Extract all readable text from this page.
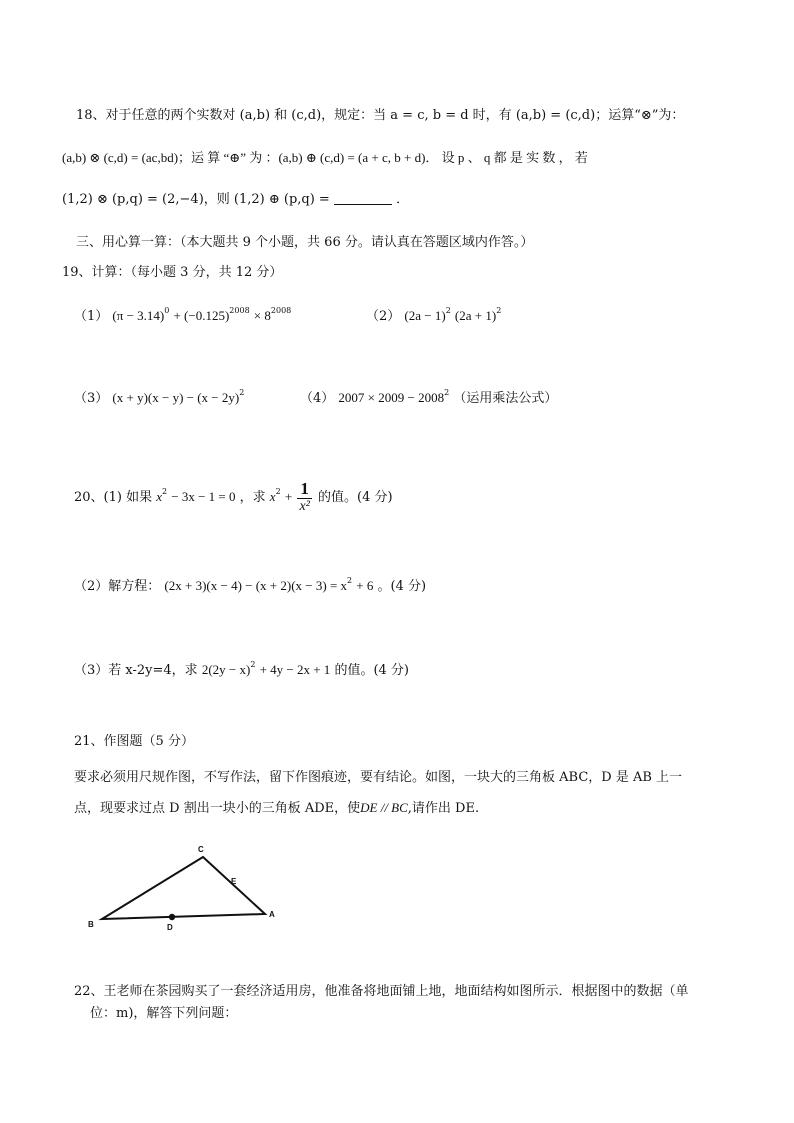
18、对于任意的两个实数对 (a,b) 和 (c,d)，规定：当 a = c, b = d 时，有 (a,b) = (c,d)；运算“⊗”为：
(a,b) ⊗ (c,d) = (ac,bd)；运 算 “⊕” 为 ：(a,b) ⊕ (c,d) = (a + c, b + d)． 设 p 、 q 都 是 实 数 ， 若
(1,2) ⊗ (p,q) = (2,−4)，则 (1,2) ⊕ (p,q) =	．
三、用心算一算：（本大题共 9 个小题，共 66 分。请认真在答题区域内作答。）
19、计算：（每小题 3 分，共 12 分）
（1） $(\pi - 3.14)^0 + (-0.125)^{2008} \times 8^{2008}$	（2） $(2a - 1)^2$ $(2a + 1)^2$
（3） $(x + y)(x - y) - (x - 2y)^2$	（4） $2007 \times 2009 - 2008^2$ （运用乘法公式）
20、(1) 如果 $x^2 - 3x - 1 = 0$ ，求 $x^2 + \frac{1}{\text{x²}}$ 的值。(4 分)
（2）解方程： $(2x + 3)(x - 4) - (x + 2)(x - 3) = x^2 + 6$ 。(4 分)
（3）若 x-2y=4，求 $2(2y - x)^2 + 4y - 2x + 1$ 的值。(4 分)
21、作图题（5 分）
要求必须用尺规作图，不写作法，留下作图痕迹，要有结论。如图，一块大的三角板 ABC，D 是 AB 上一
点，现要求过点 D 割出一块小的三角板 ADE，使DE // BC,请作出 DE.
C
E
A
B	D
22、王老师在茶园购买了一套经济适用房，他准备将地面铺上地，地面结构如图所示．根据图中的数据（单
位：m)，解答下列问题：
